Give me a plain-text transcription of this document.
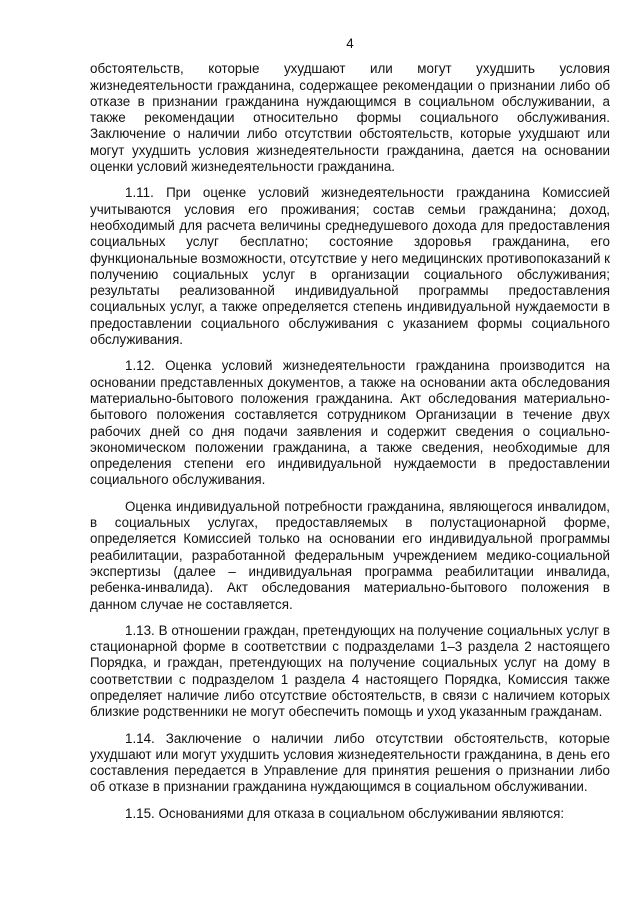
4

обстоятельств, которые ухудшают или могут ухудшить условия жизнедеятельности гражданина, содержащее рекомендации о признании либо об отказе в признании гражданина нуждающимся в социальном обслуживании, а также рекомендации относительно формы социального обслуживания. Заключение о наличии либо отсутствии обстоятельств, которые ухудшают или могут ухудшить условия жизнедеятельности гражданина, дается на основании оценки условий жизнедеятельности гражданина.

1.11. При оценке условий жизнедеятельности гражданина Комиссией учитываются условия его проживания; состав семьи гражданина; доход, необходимый для расчета величины среднедушевого дохода для предоставления социальных услуг бесплатно; состояние здоровья гражданина, его функциональные возможности, отсутствие у него медицинских противопоказаний к получению социальных услуг в организации социального обслуживания; результаты реализованной индивидуальной программы предоставления социальных услуг, а также определяется степень индивидуальной нуждаемости в предоставлении социального обслуживания с указанием формы социального обслуживания.

1.12. Оценка условий жизнедеятельности гражданина производится на основании представленных документов, а также на основании акта обследования материально-бытового положения гражданина. Акт обследования материально-бытового положения составляется сотрудником Организации в течение двух рабочих дней со дня подачи заявления и содержит сведения о социально-экономическом положении гражданина, а также сведения, необходимые для определения степени его индивидуальной нуждаемости в предоставлении социального обслуживания.

Оценка индивидуальной потребности гражданина, являющегося инвалидом, в социальных услугах, предоставляемых в полустационарной форме, определяется Комиссией только на основании его индивидуальной программы реабилитации, разработанной федеральным учреждением медико-социальной экспертизы (далее – индивидуальная программа реабилитации инвалида, ребенка-инвалида). Акт обследования материально-бытового положения в данном случае не составляется.

1.13. В отношении граждан, претендующих на получение социальных услуг в стационарной форме в соответствии с подразделами 1–3 раздела 2 настоящего Порядка, и граждан, претендующих на получение социальных услуг на дому в соответствии с подразделом 1 раздела 4 настоящего Порядка, Комиссия также определяет наличие либо отсутствие обстоятельств, в связи с наличием которых близкие родственники не могут обеспечить помощь и уход указанным гражданам.

1.14. Заключение о наличии либо отсутствии обстоятельств, которые ухудшают или могут ухудшить условия жизнедеятельности гражданина, в день его составления передается в Управление для принятия решения о признании либо об отказе в признании гражданина нуждающимся в социальном обслуживании.

1.15. Основаниями для отказа в социальном обслуживании являются:
